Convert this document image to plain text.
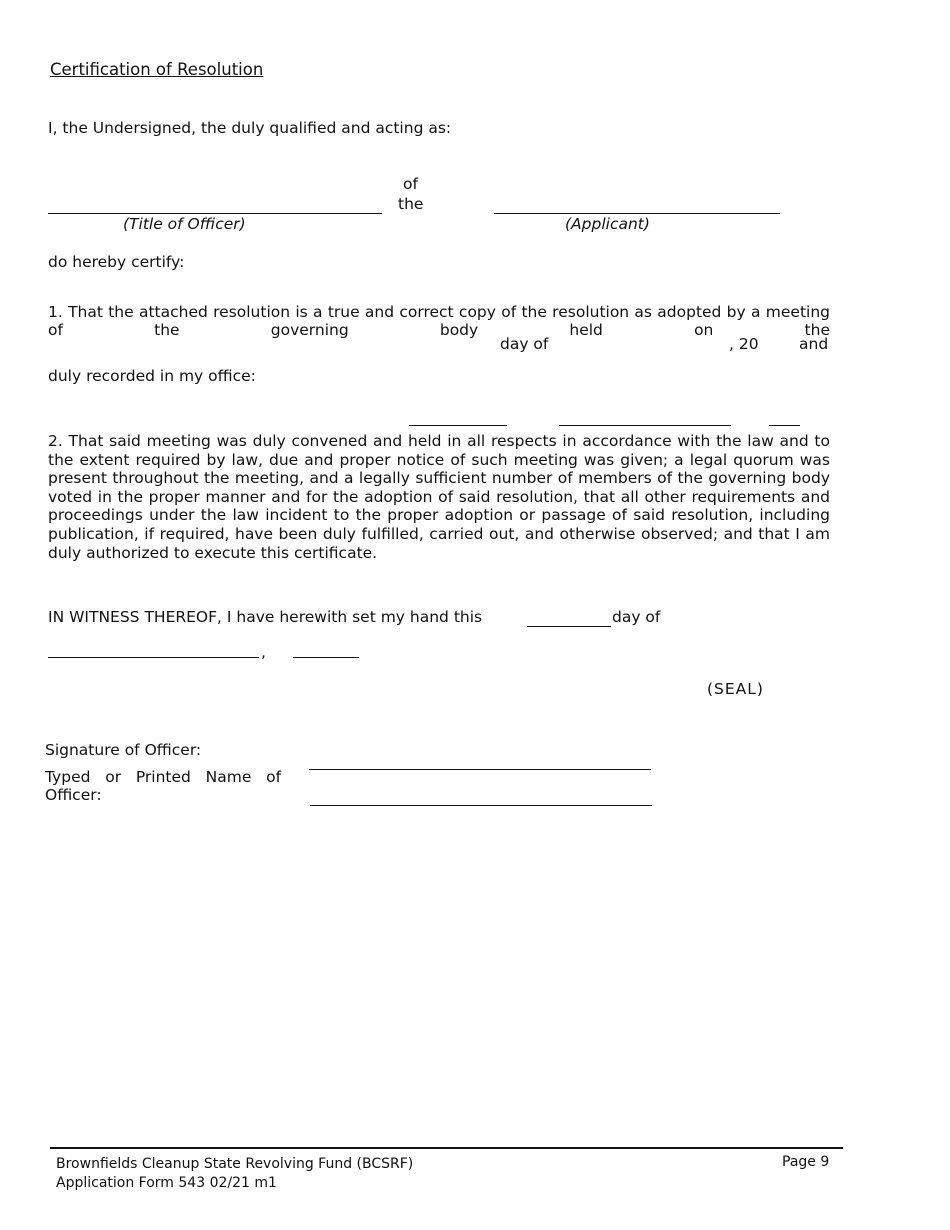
Certification of Resolution
I, the Undersigned, the duly qualified and acting as:
of
the
(Title of Officer)	(Applicant)
do hereby certify:
1. That the attached resolution is a true and correct copy of the resolution as adopted by a meeting of the governing body held on the
day of	, 20	and
duly recorded in my office:
2. That said meeting was duly convened and held in all respects in accordance with the law and to the extent required by law, due and proper notice of such meeting was given; a legal quorum was present throughout the meeting, and a legally sufficient number of members of the governing body voted in the proper manner and for the adoption of said resolution, that all other requirements and proceedings under the law incident to the proper adoption or passage of said resolution, including publication, if required, have been duly fulfilled, carried out, and otherwise observed; and that I am duly authorized to execute this certificate.
IN WITNESS THEREOF, I have herewith set my hand this	day of
,
(SEAL)
Signature of Officer:
Typed   or   Printed   Name   of
Officer:
Brownfields Cleanup State Revolving Fund (BCSRF)
Application Form 543 02/21 m1
Page 9
